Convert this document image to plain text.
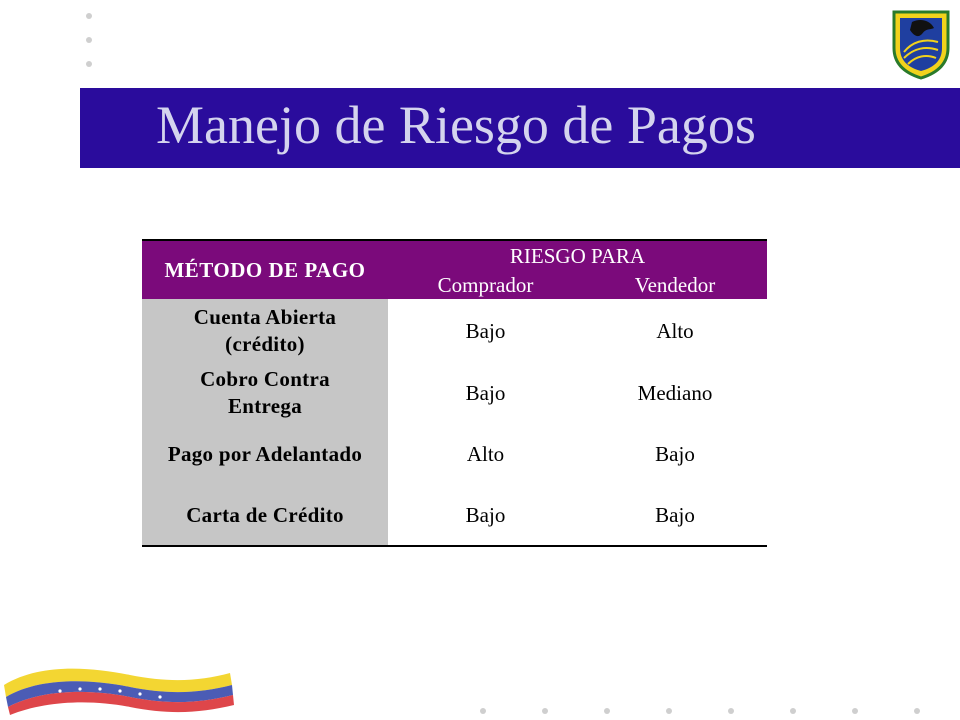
Manejo de Riesgo de Pagos
MÉTODO DE PAGO	RIESGO PARA	
	Comprador	Vendedor

Cuenta Abierta
(crédito)	Bajo	Alto

Cobro Contra
Entrega	Bajo	Mediano
Pago por Adelantado	Alto	Bajo
Carta de Crédito	Bajo	Bajo
